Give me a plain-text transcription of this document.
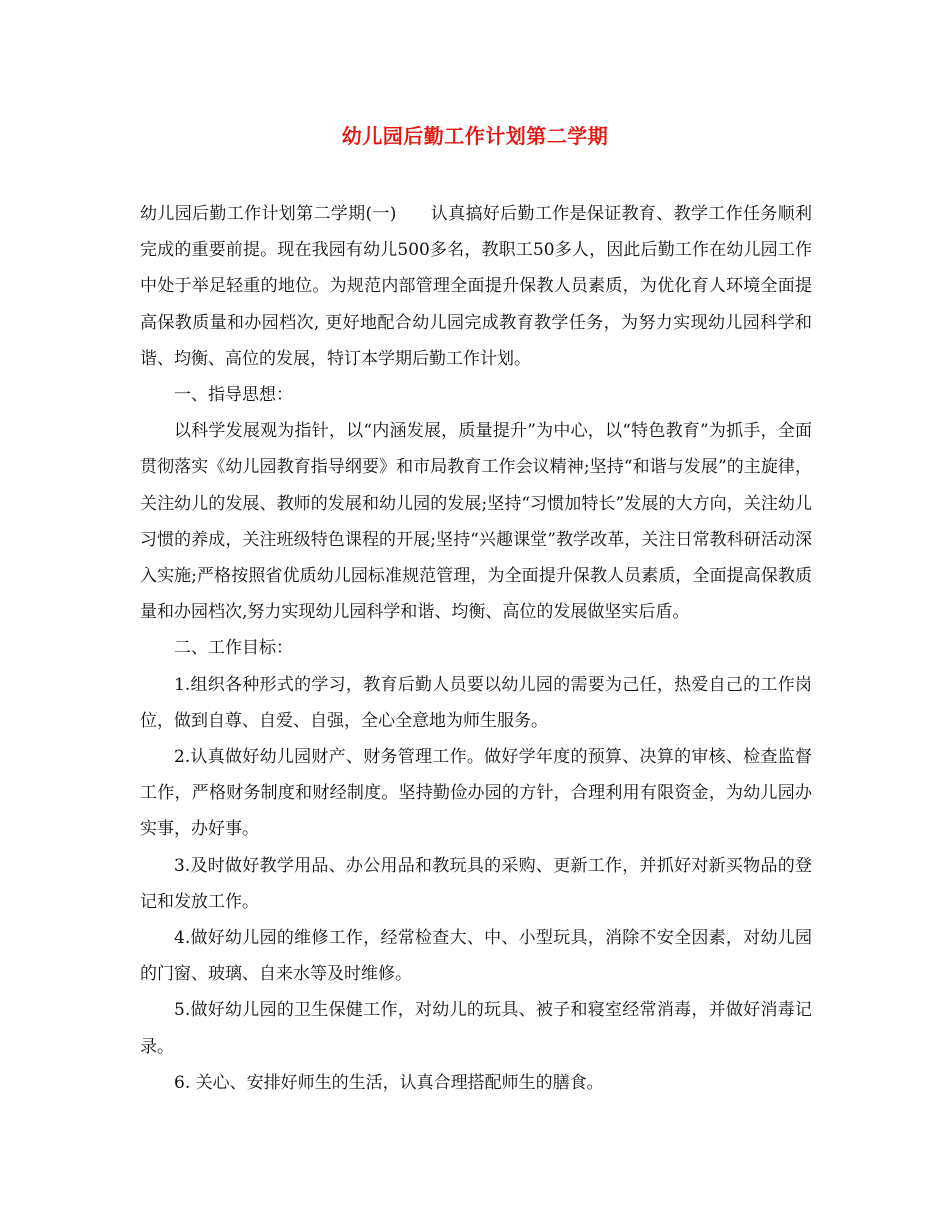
幼儿园后勤工作计划第二学期

幼儿园后勤工作计划第二学期(一) 认真搞好后勤工作是保证教育、教学工作任务顺利完成的重要前提。现在我园有幼儿500多名，教职工50多人，因此后勤工作在幼儿园工作中处于举足轻重的地位。为规范内部管理全面提升保教人员素质，为优化育人环境全面提高保教质量和办园档次, 更好地配合幼儿园完成教育教学任务，为努力实现幼儿园科学和谐、均衡、高位的发展，特订本学期后勤工作计划。

一、指导思想：

以科学发展观为指针，以“内涵发展，质量提升”为中心，以“特色教育”为抓手，全面贯彻落实《幼儿园教育指导纲要》和市局教育工作会议精神;坚持“和谐与发展”的主旋律，关注幼儿的发展、教师的发展和幼儿园的发展;坚持“习惯加特长”发展的大方向，关注幼儿习惯的养成，关注班级特色课程的开展;坚持“兴趣课堂”教学改革，关注日常教科研活动深入实施;严格按照省优质幼儿园标准规范管理，为全面提升保教人员素质，全面提高保教质量和办园档次,努力实现幼儿园科学和谐、均衡、高位的发展做坚实后盾。

二、工作目标：

1.组织各种形式的学习，教育后勤人员要以幼儿园的需要为己任，热爱自己的工作岗位，做到自尊、自爱、自强，全心全意地为师生服务。

2.认真做好幼儿园财产、财务管理工作。做好学年度的预算、决算的审核、检查监督工作，严格财务制度和财经制度。坚持勤俭办园的方针，合理利用有限资金，为幼儿园办实事，办好事。

3.及时做好教学用品、办公用品和教玩具的采购、更新工作，并抓好对新买物品的登记和发放工作。

4.做好幼儿园的维修工作，经常检查大、中、小型玩具，消除不安全因素，对幼儿园的门窗、玻璃、自来水等及时维修。

5.做好幼儿园的卫生保健工作，对幼儿的玩具、被子和寝室经常消毒，并做好消毒记录。

6. 关心、安排好师生的生活，认真合理搭配师生的膳食。
